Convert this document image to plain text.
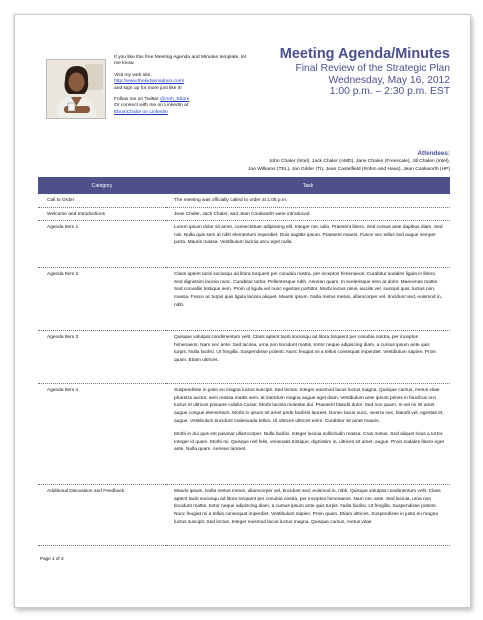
If you like this free Meeting Agenda and Minutes template, let me know.
Visit my web site,
http://www.thekidsenadmin.com/
and sign up for more just like it!
Follow me on Twitter @Anh_Ebom
Or connect with me on LinkedIn at
EbomChalor on LinkedIn
Meeting Agenda/Minutes
Final Review of the Strategic Plan
Wednesday, May 16, 2012
1:00 p.m. – 2:30 p.m. EST
Attendees:
John Chaler (Intel), Jack Chaler (AMD), Jane Chalen (Freescale), Jill Chalen (Intel),
Joe Williams (TEL), Jan Gilder (TI), Jean Castelfield (Rohm and Haas), Jean Cookworth (HP)
Category	Task
Call to Order	The meeting was officially called to order at 1:05 p.m.
Welcome and Introductions	Jean Chaler, Jack Chaler, and Jean Cookworth were introduced.
Agenda Item 1	Lorem ipsum dolor sit amet, consectetuer adipiscing elit. Integer nec odio. Praesent libero. Sed cursus ante dapibus diam. Sed nisi. Nulla quis sem at nibh elementum imperdiet. Duis sagittis ipsum. Praesent mauris. Fusce nec tellus sed augue semper porta. Mauris massa. Vestibulum lacinia arcu eget nulla.
Agenda Item 2	Class aptent taciti sociosqu ad litora torquent per conubia nostra, per inceptos himenaeos. Curabitur sodales ligula in libero. Sed dignissim lacinia nunc. Curabitur tortor. Pellentesque nibh. Aenean quam. In scelerisque sem at dolor. Maecenas mattis. Sed convallis tristique sem. Proin ut ligula vel nunc egestas porttitor. Morbi lectus risus, iaculis vel, suscipit quis, luctus non, massa. Fusce ac turpis quis ligula lacinia aliquet. Mauris ipsum. Nulla metus metus, ullamcorper vel, tincidunt sed, euismod in, nibh.
Agenda Item 3	Quisque volutpat condimentum velit. Class aptent taciti sociosqu ad litora torquent per conubia nostra, per inceptos himenaeos. Nam nec ante. Sed lacinia, urna non tincidunt mattis, tortor neque adipiscing diam, a cursus ipsum ante quis turpis. Nulla facilisi. Ut fringilla. Suspendisse potenti. Nunc feugiat mi a tellus consequat imperdiet. Vestibulum sapien. Proin quam. Etiam ultrices.
Agenda Item 4	Suspendisse in justo eu magna luctus suscipit. Sed lectus. Integer euismod lacus luctus magna. Quisque cursus, metus vitae pharetra auctor, sem massa mattis sem, at interdum magna augue eget diam. Vestibulum ante ipsum primis in faucibus orci luctus et ultrices posuere cubilia Curae; Morbi lacinia molestie dui. Praesent blandit dolor. Sed non quam. In vel mi sit amet augue congue elementum. Morbi in ipsum sit amet pede facilisis laoreet. Donec lacus nunc, viverra nec, blandit vel, egestas et, augue. Vestibulum tincidunt malesuada tellus. Ut ultrices ultrices enim. Curabitur sit amet mauris.
Morbi in dui quis est pulvinar ullamcorper. Nulla facilisi. Integer lacinia sollicitudin massa. Cras metus. Sed aliquet risus a tortor. Integer id quam. Morbi mi. Quisque nisl felis, venenatis tristique, dignissim in, ultrices sit amet, augue. Proin sodales libero eget ante. Nulla quam. Aenean laoreet.

Additional Discussion and Feedback	Mauris ipsum. Nulla metus metus, ullamcorper vel, tincidunt sed, euismod in, nibh. Quisque volutpat condimentum velit. Class aptent taciti sociosqu ad litora torquent per conubia nostra, per inceptos himenaeos. Nam nec ante. Sed lacinia, urna non tincidunt mattis, tortor neque adipiscing diam, a cursus ipsum ante quis turpis. Nulla facilisi. Ut fringilla. Suspendisse potenti. Nunc feugiat mi a tellus consequat imperdiet. Vestibulum sapien. Proin quam. Etiam ultrices. Suspendisse in justo eu magna luctus suscipit. Sed lectus. Integer euismod lacus luctus magna. Quisque cursus, metus vitae
Page 1 of 3
